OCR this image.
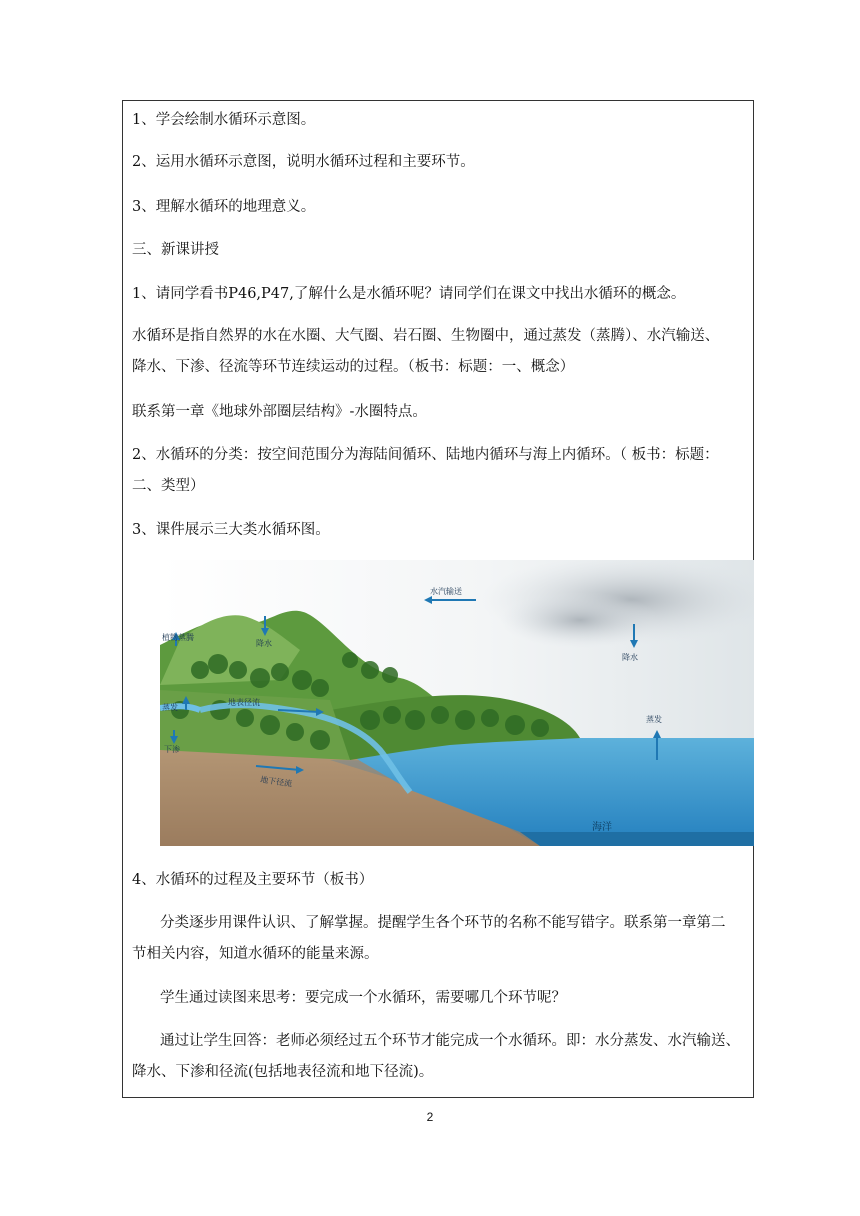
1、学会绘制水循环示意图。

2、运用水循环示意图，说明水循环过程和主要环节。

3、理解水循环的地理意义。

三、新课讲授

1、请同学看书P46,P47,了解什么是水循环呢？请同学们在课文中找出水循环的概念。

水循环是指自然界的水在水圈、大气圈、岩石圈、生物圈中，通过蒸发（蒸腾）、水汽输送、

降水、下渗、径流等环节连续运动的过程。（板书：标题：一、概念）

联系第一章《地球外部圈层结构》-水圈特点。

2、水循环的分类：按空间范围分为海陆间循环、陆地内循环与海上内循环。（ 板书：标题：

二、类型）

3、课件展示三大类水循环图。

水汽输送
植物蒸腾
降水
降水
蒸发
蒸发
地表径流
下渗
地下径流
海洋

4、水循环的过程及主要环节（板书）

分类逐步用课件认识、了解掌握。提醒学生各个环节的名称不能写错字。联系第一章第二

节相关内容，知道水循环的能量来源。

学生通过读图来思考：要完成一个水循环，需要哪几个环节呢？

通过让学生回答：老师必须经过五个环节才能完成一个水循环。即：水分蒸发、水汽输送、

降水、下渗和径流(包括地表径流和地下径流)。

2
